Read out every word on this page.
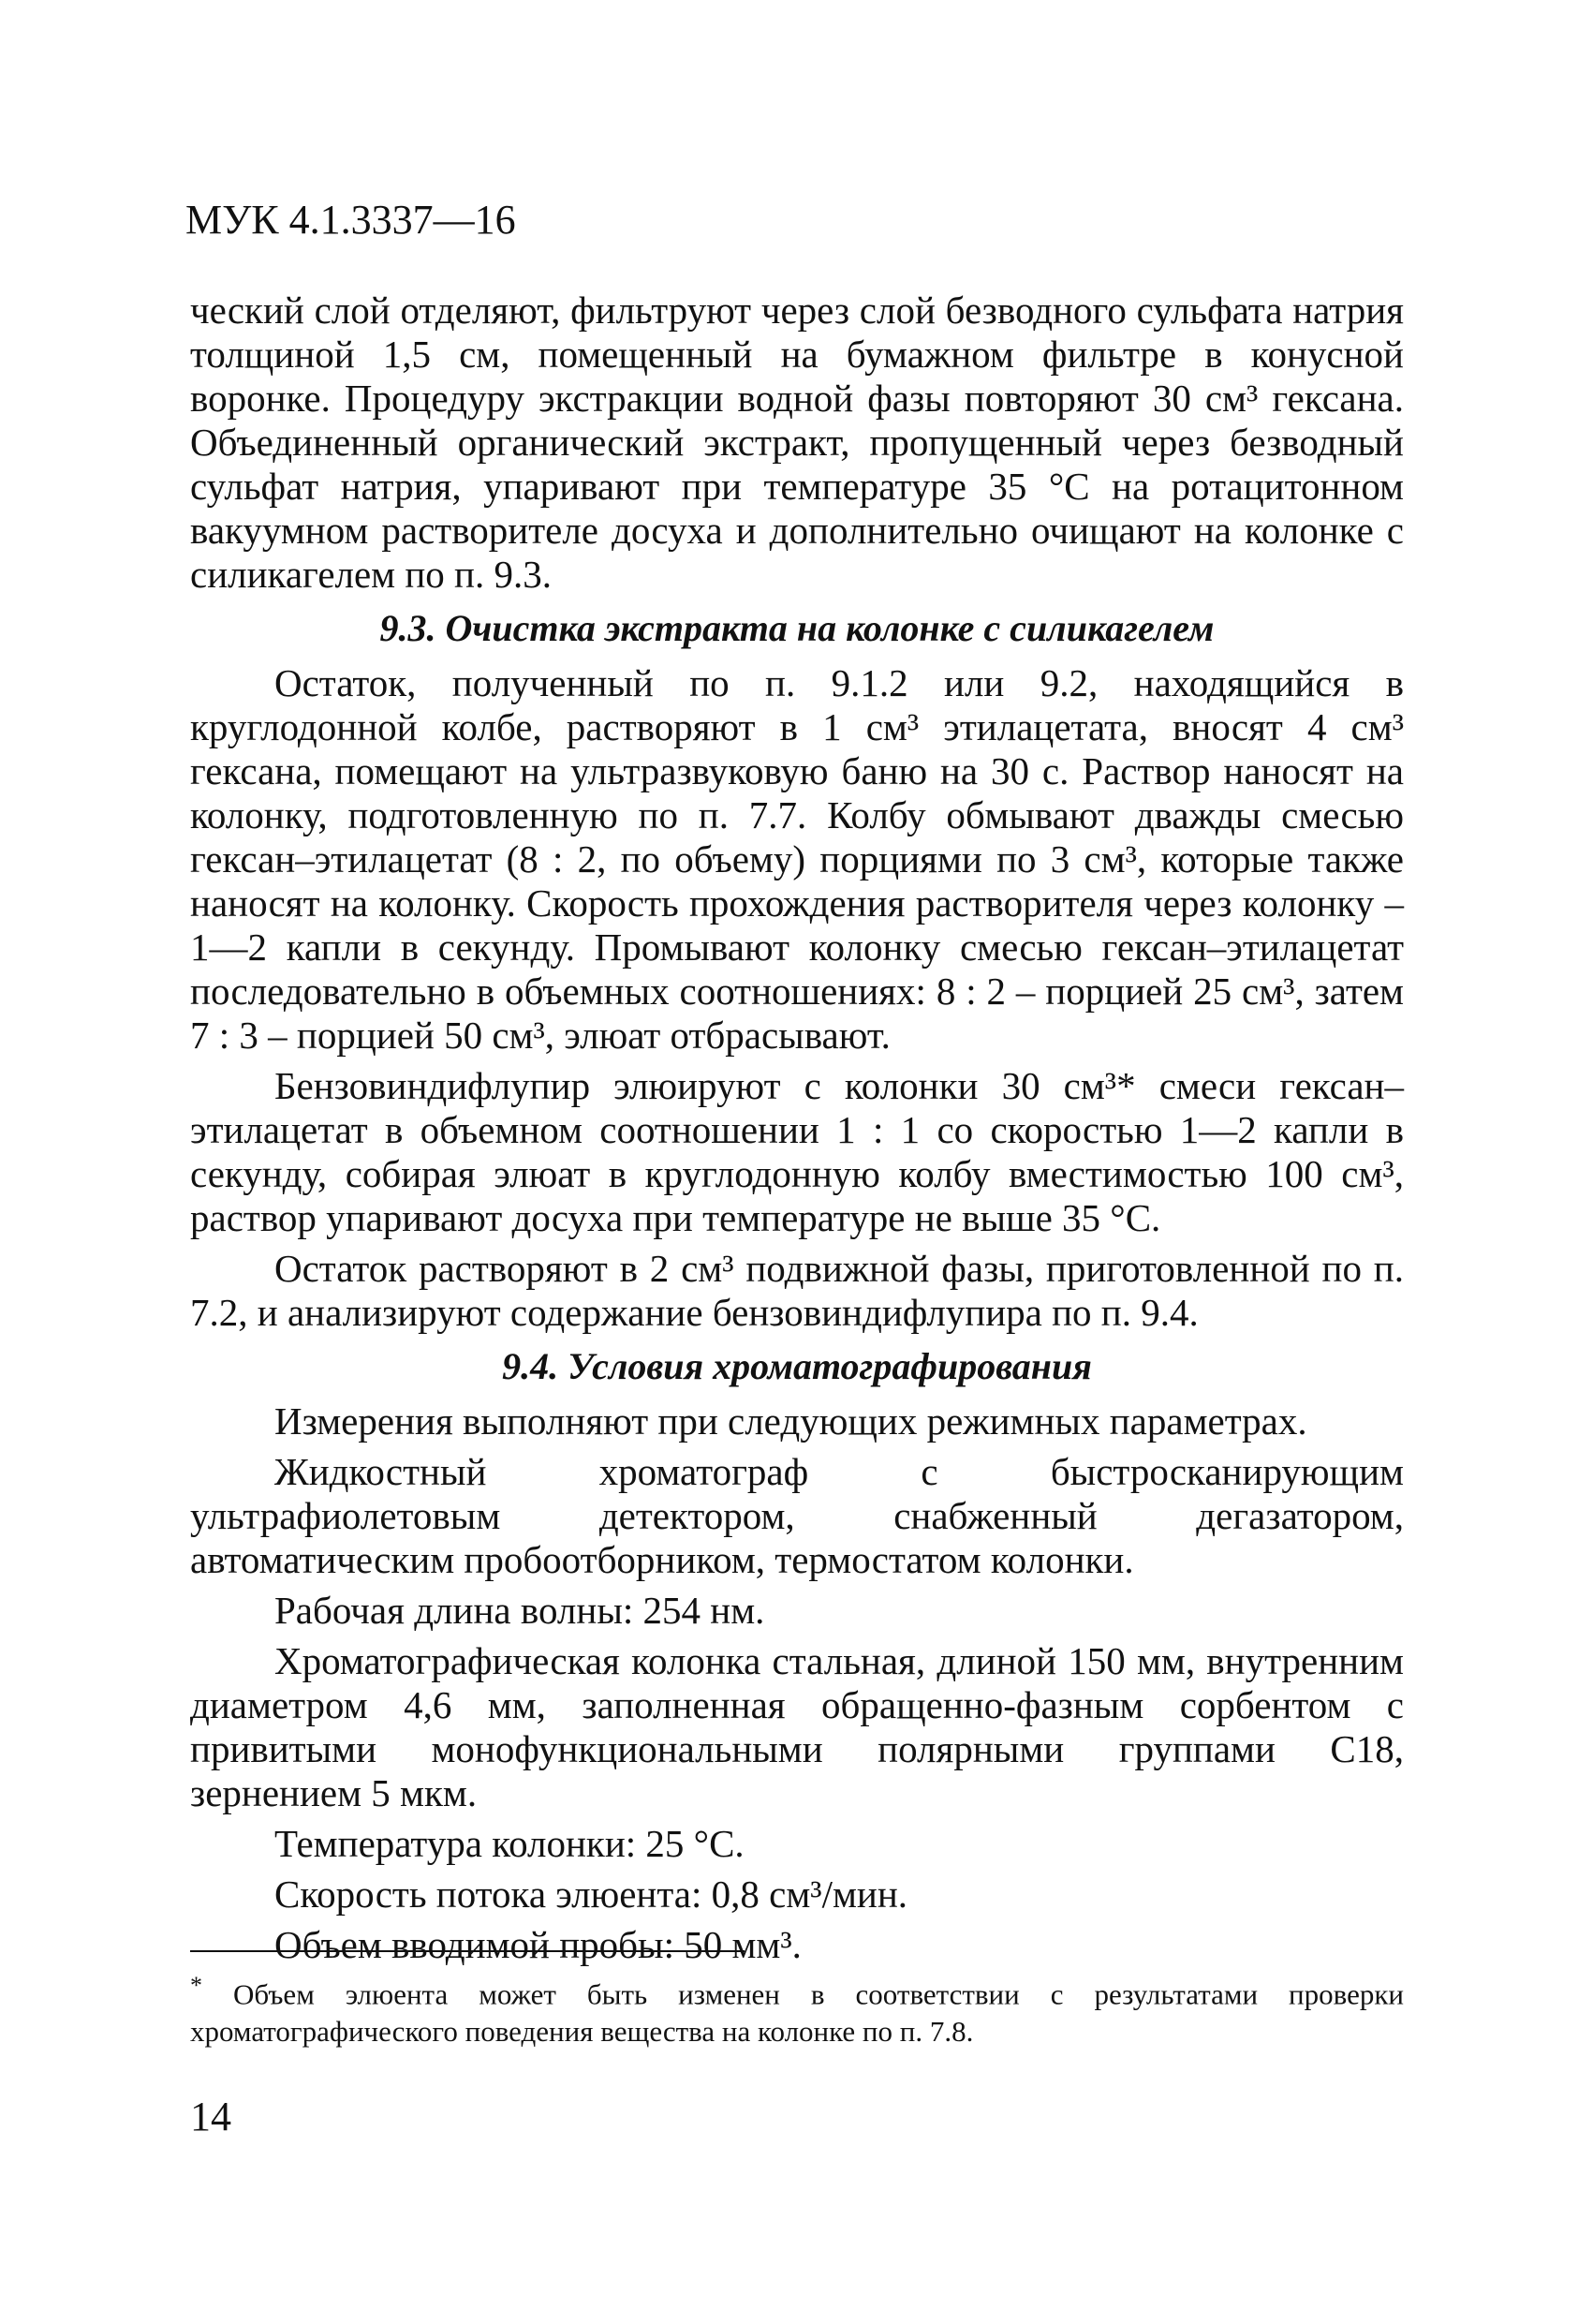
МУК 4.1.3337—16

ческий слой отделяют, фильтруют через слой безводного сульфата натрия толщиной 1,5 см, помещенный на бумажном фильтре в конусной воронке. Процедуру экстракции водной фазы повторяют 30 см³ гексана. Объединенный органический экстракт, пропущенный через безводный сульфат натрия, упаривают при температуре 35 °С на ротацитонном вакуумном растворителе досуха и дополнительно очищают на колонке с силикагелем по п. 9.3.

9.3. Очистка экстракта на колонке с силикагелем

Остаток, полученный по п. 9.1.2 или 9.2, находящийся в круглодонной колбе, растворяют в 1 см³ этилацетата, вносят 4 см³ гексана, помещают на ультразвуковую баню на 30 с. Раствор наносят на колонку, подготовленную по п. 7.7. Колбу обмывают дважды смесью гексан–этилацетат (8 : 2, по объему) порциями по 3 см³, которые также наносят на колонку. Скорость прохождения растворителя через колонку – 1—2 капли в секунду. Промывают колонку смесью гексан–этилацетат последовательно в объемных соотношениях: 8 : 2 – порцией 25 см³, затем 7 : 3 – порцией 50 см³, элюат отбрасывают.

Бензовиндифлупир элюируют с колонки 30 см³* смеси гексан–этилацетат в объемном соотношении 1 : 1 со скоростью 1—2 капли в секунду, собирая элюат в круглодонную колбу вместимостью 100 см³, раствор упаривают досуха при температуре не выше 35 °С.

Остаток растворяют в 2 см³ подвижной фазы, приготовленной по п. 7.2, и анализируют содержание бензовиндифлупира по п. 9.4.

9.4. Условия хроматографирования

Измерения выполняют при следующих режимных параметрах.

Жидкостный хроматограф с быстросканирующим ультрафиолетовым детектором, снабженный дегазатором, автоматическим пробоотборником, термостатом колонки.

Рабочая длина волны: 254 нм.

Хроматографическая колонка стальная, длиной 150 мм, внутренним диаметром 4,6 мм, заполненная обращенно-фазным сорбентом с привитыми монофункциональными полярными группами С18, зернением 5 мкм.

Температура колонки: 25 °С.

Скорость потока элюента: 0,8 см³/мин.

Объем вводимой пробы: 50 мм³.

* Объем элюента может быть изменен в соответствии с результатами проверки хроматографического поведения вещества на колонке по п. 7.8.
14
